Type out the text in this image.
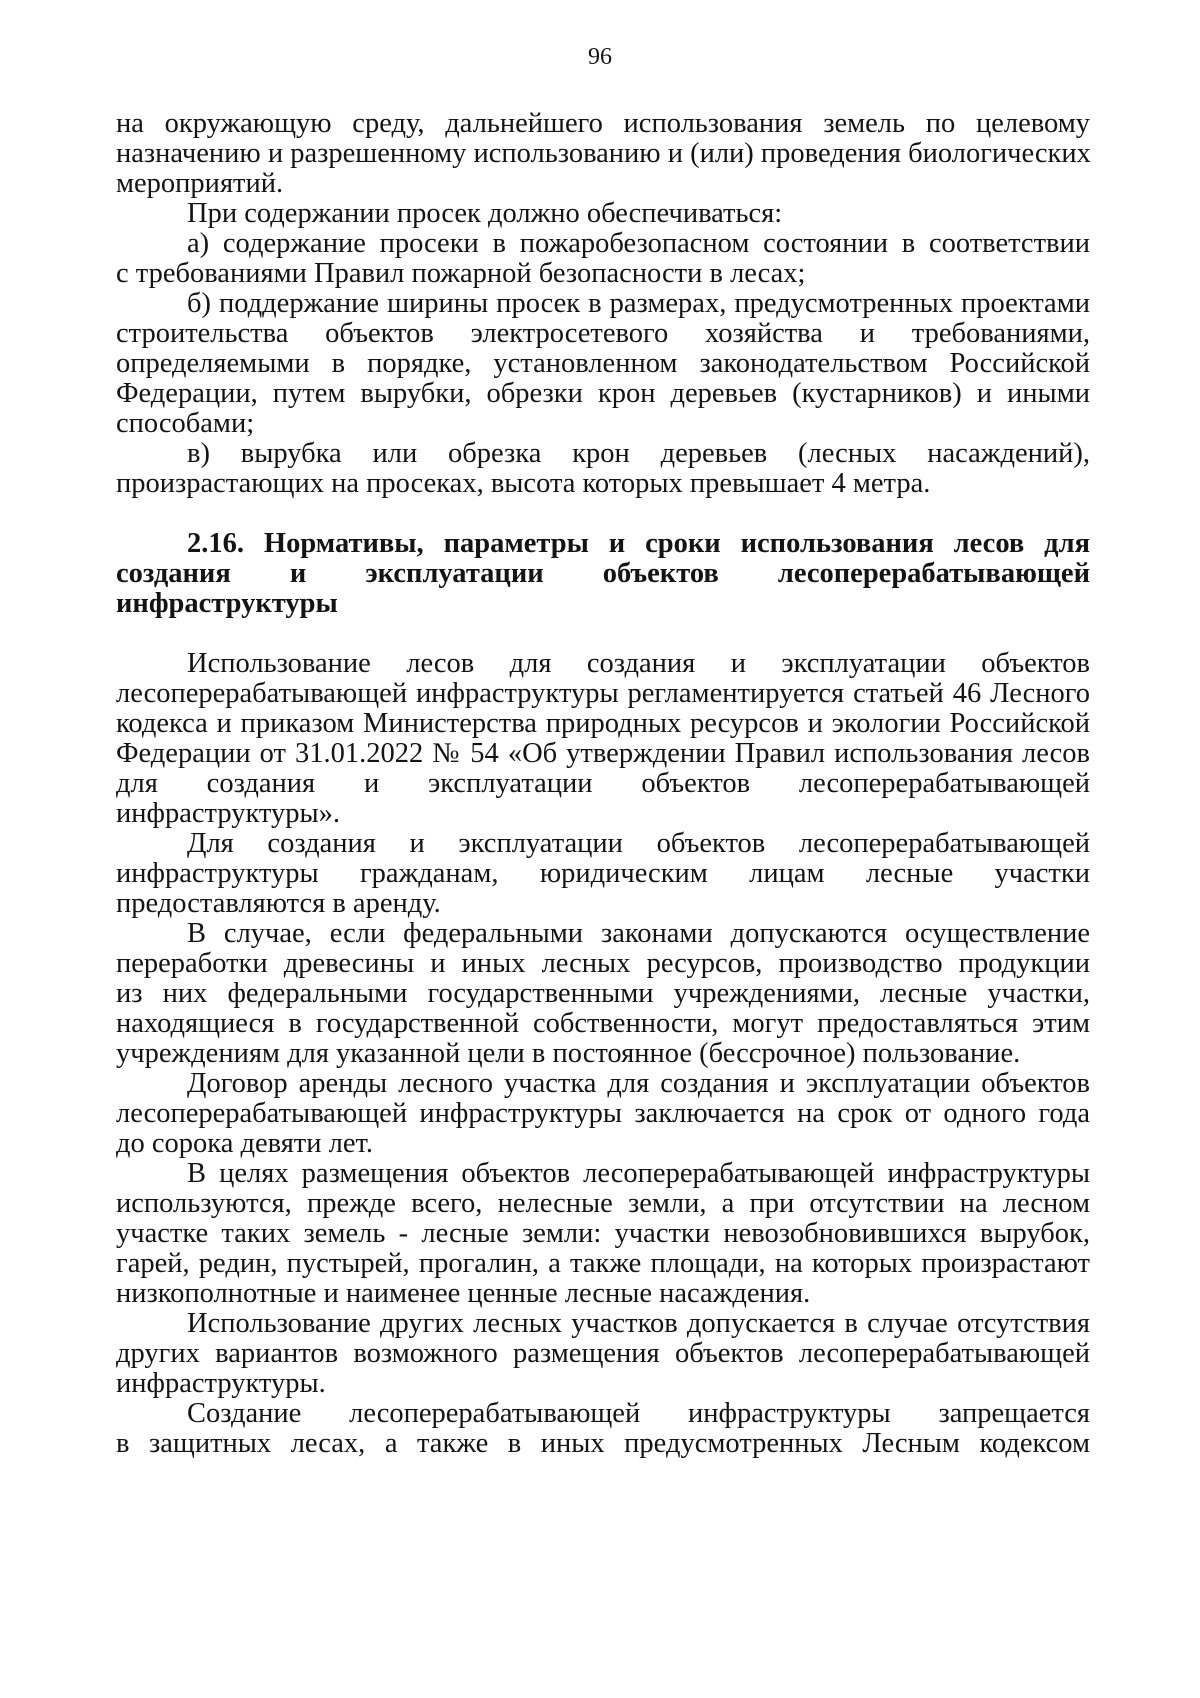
96
на окружающую среду, дальнейшего использования земель по целевому
назначению и разрешенному использованию и (или) проведения биологических
мероприятий.
При содержании просек должно обеспечиваться:
а) содержание просеки в пожаробезопасном состоянии в соответствии
с требованиями Правил пожарной безопасности в лесах;
б) поддержание ширины просек в размерах, предусмотренных проектами
строительства объектов электросетевого хозяйства и требованиями,
определяемыми в порядке, установленном законодательством Российской
Федерации, путем вырубки, обрезки крон деревьев (кустарников) и иными
способами;
в) вырубка или обрезка крон деревьев (лесных насаждений),
произрастающих на просеках, высота которых превышает 4 метра.
2.16. Нормативы, параметры и сроки использования лесов для
создания и эксплуатации объектов лесоперерабатывающей
инфраструктуры
Использование лесов для создания и эксплуатации объектов
лесоперерабатывающей инфраструктуры регламентируется статьей 46 Лесного
кодекса и приказом Министерства природных ресурсов и экологии Российской
Федерации от 31.01.2022 № 54 «Об утверждении Правил использования лесов
для создания и эксплуатации объектов лесоперерабатывающей
инфраструктуры».
Для создания и эксплуатации объектов лесоперерабатывающей
инфраструктуры гражданам, юридическим лицам лесные участки
предоставляются в аренду.
В случае, если федеральными законами допускаются осуществление
переработки древесины и иных лесных ресурсов, производство продукции
из них федеральными государственными учреждениями, лесные участки,
находящиеся в государственной собственности, могут предоставляться этим
учреждениям для указанной цели в постоянное (бессрочное) пользование.
Договор аренды лесного участка для создания и эксплуатации объектов
лесоперерабатывающей инфраструктуры заключается на срок от одного года
до сорока девяти лет.
В целях размещения объектов лесоперерабатывающей инфраструктуры
используются, прежде всего, нелесные земли, а при отсутствии на лесном
участке таких земель - лесные земли: участки невозобновившихся вырубок,
гарей, редин, пустырей, прогалин, а также площади, на которых произрастают
низкополнотные и наименее ценные лесные насаждения.
Использование других лесных участков допускается в случае отсутствия
других вариантов возможного размещения объектов лесоперерабатывающей
инфраструктуры.
Создание лесоперерабатывающей инфраструктуры запрещается
в защитных лесах, а также в иных предусмотренных Лесным кодексом
